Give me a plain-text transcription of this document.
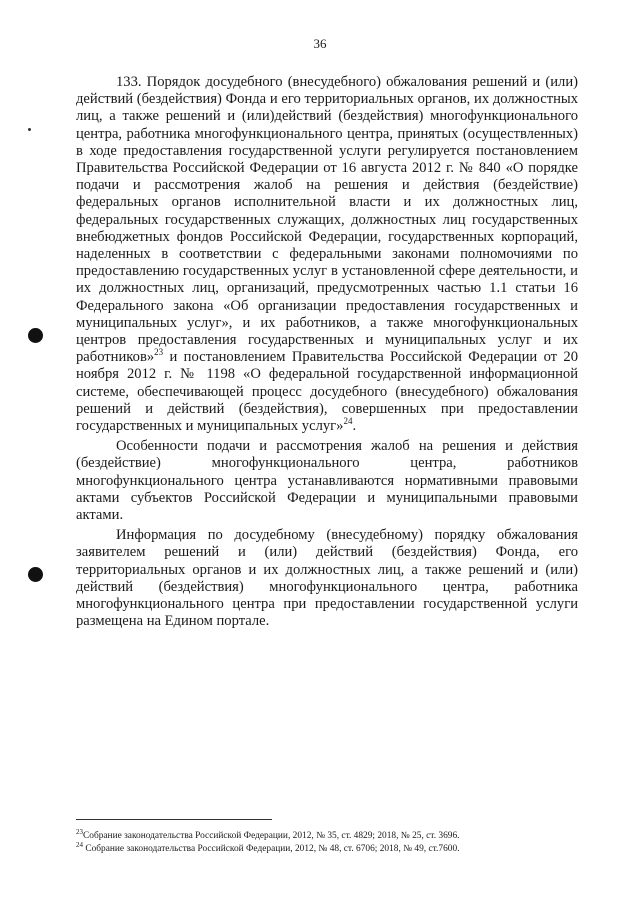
36

133. Порядок досудебного (внесудебного) обжалования решений и (или) действий (бездействия) Фонда и его территориальных органов, их должностных лиц, а также решений и (или)действий (бездействия) многофункционального центра, работника многофункционального центра, принятых (осуществленных) в ходе предоставления государственной услуги регулируется постановлением Правительства Российской Федерации от 16 августа 2012 г. № 840 «О порядке подачи и рассмотрения жалоб на решения и действия (бездействие) федеральных органов исполнительной власти и их должностных лиц, федеральных государственных служащих, должностных лиц государственных внебюджетных фондов Российской Федерации, государственных корпораций, наделенных в соответствии с федеральными законами полномочиями по предоставлению государственных услуг в установленной сфере деятельности, и их должностных лиц, организаций, предусмотренных частью 1.1 статьи 16 Федерального закона «Об организации предоставления государственных и муниципальных услуг», и их работников, а также многофункциональных центров предоставления государственных и муниципальных услуг и их работников»$^{23}$ и постановлением Правительства Российской Федерации от 20 ноября 2012 г. № 1198 «О федеральной государственной информационной системе, обеспечивающей процесс досудебного (внесудебного) обжалования решений и действий (бездействия), совершенных при предоставлении государственных и муниципальных услуг»$^{24}$.

Особенности подачи и рассмотрения жалоб на решения и действия (бездействие) многофункционального центра, работников многофункционального центра устанавливаются нормативными правовыми актами субъектов Российской Федерации и муниципальными правовыми актами.

Информация по досудебному (внесудебному) порядку обжалования заявителем решений и (или) действий (бездействия) Фонда, его территориальных органов и их должностных лиц, а также решений и (или) действий (бездействия) многофункционального центра, работника многофункционального центра при предоставлении государственной услуги размещена на Едином портале.

$^{23}$Собрание законодательства Российской Федерации, 2012, № 35, ст. 4829; 2018, № 25, ст. 3696.
$^{24}$ Собрание законодательства Российской Федерации, 2012, № 48, ст. 6706; 2018, № 49, ст.7600.
